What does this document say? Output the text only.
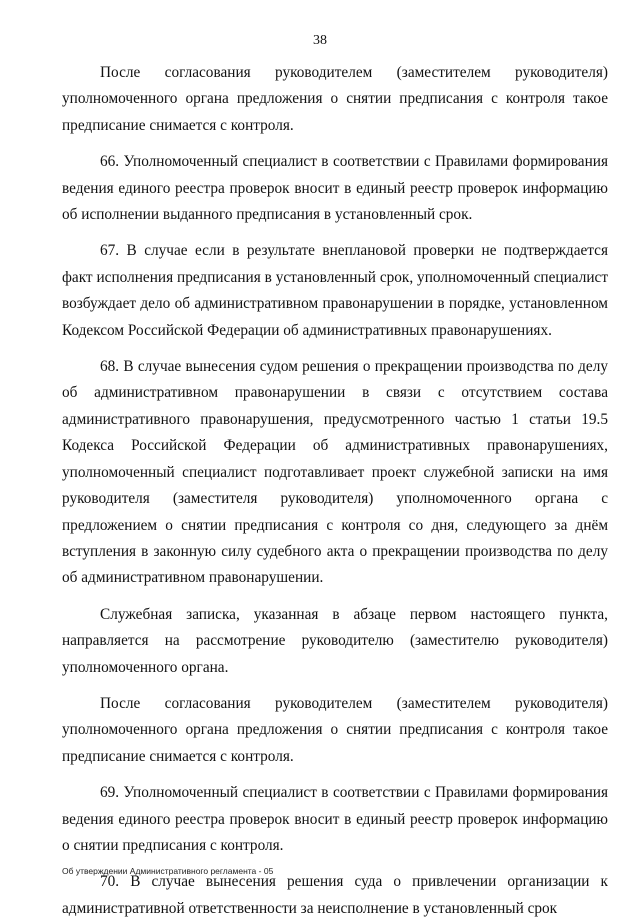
38

После согласования руководителем (заместителем руководителя) уполномоченного органа предложения о снятии предписания с контроля такое предписание снимается с контроля.

66. Уполномоченный специалист в соответствии с Правилами формирования ведения единого реестра проверок вносит в единый реестр проверок информацию об исполнении выданного предписания в установленный срок.

67. В случае если в результате внеплановой проверки не подтверждается факт исполнения предписания в установленный срок, уполномоченный специалист возбуждает дело об административном правонарушении в порядке, установленном Кодексом Российской Федерации об административных правонарушениях.

68. В случае вынесения судом решения о прекращении производства по делу об административном правонарушении в связи с отсутствием состава административного правонарушения, предусмотренного частью 1 статьи 19.5 Кодекса Российской Федерации об административных правонарушениях, уполномоченный специалист подготавливает проект служебной записки на имя руководителя (заместителя руководителя) уполномоченного органа с предложением о снятии предписания с контроля со дня, следующего за днём вступления в законную силу судебного акта о прекращении производства по делу об административном правонарушении.

Служебная записка, указанная в абзаце первом настоящего пункта, направляется на рассмотрение руководителю (заместителю руководителя) уполномоченного органа.

После согласования руководителем (заместителем руководителя) уполномоченного органа предложения о снятии предписания с контроля такое предписание снимается с контроля.

69. Уполномоченный специалист в соответствии с Правилами формирования ведения единого реестра проверок вносит в единый реестр проверок информацию о снятии предписания с контроля.

70. В случае вынесения решения суда о привлечении организации к административной ответственности за неисполнение в установленный срок

Об утверждении Административного регламента - 05
